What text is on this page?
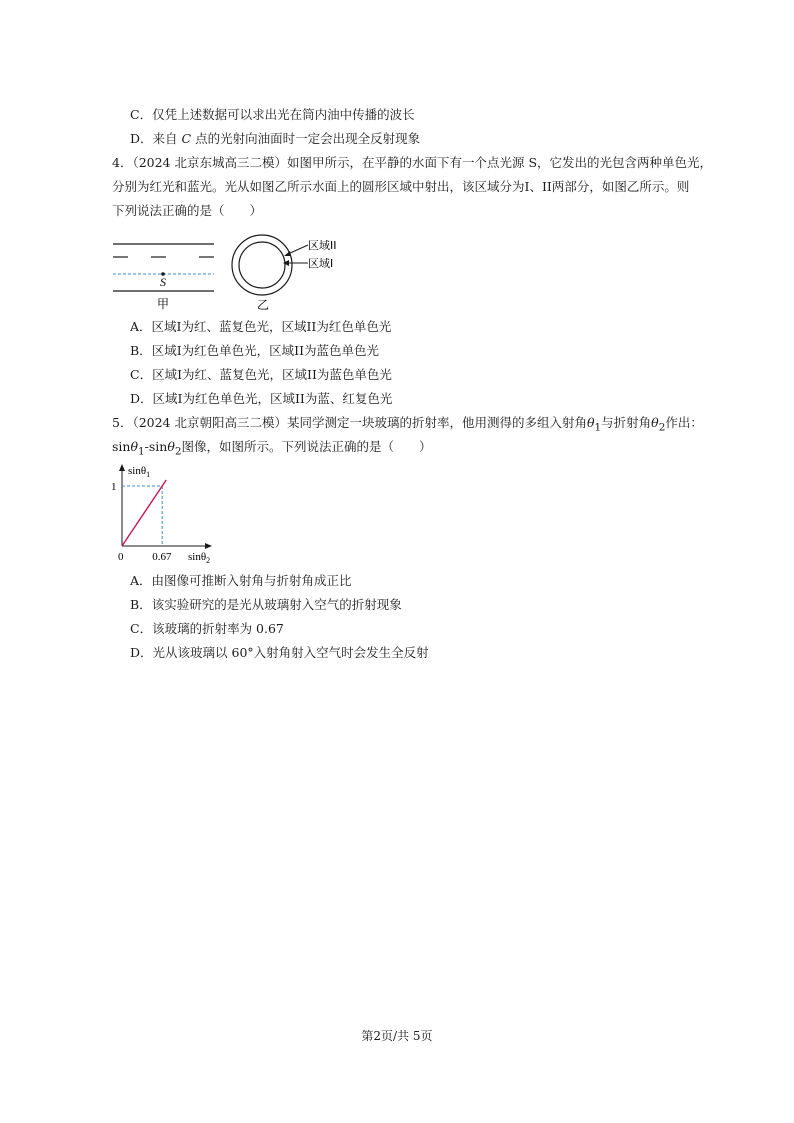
C．仅凭上述数据可以求出光在筒内油中传播的波长
D．来自 C 点的光射向油面时一定会出现全反射现象
4．（2024 北京东城高三二模）如图甲所示，在平静的水面下有一个点光源 S，它发出的光包含两种单色光，
分别为红光和蓝光。光从如图乙所示水面上的圆形区域中射出，该区域分为I、II两部分，如图乙所示。则
下列说法正确的是（　　）
S
甲
区域II
区域I
乙
A．区域I为红、蓝复色光，区域II为红色单色光
B．区域I为红色单色光，区域II为蓝色单色光
C．区域I为红、蓝复色光，区域II为蓝色单色光
D．区域I为红色单色光，区域II为蓝、红复色光
5．（2024 北京朝阳高三二模）某同学测定一块玻璃的折射率，他用测得的多组入射角$\theta_1$与折射角$\theta_2$作出：
sinθ$_1$-sinθ$_2$图像，如图所示。下列说法正确的是（　　）
sinθ$_1$
1
0	0.67 sinθ$_2$
A．由图像可推断入射角与折射角成正比
B．该实验研究的是光从玻璃射入空气的折射现象
C．该玻璃的折射率为 0.67
D．光从该玻璃以 60°入射角射入空气时会发生全反射
第2页/共 5页
